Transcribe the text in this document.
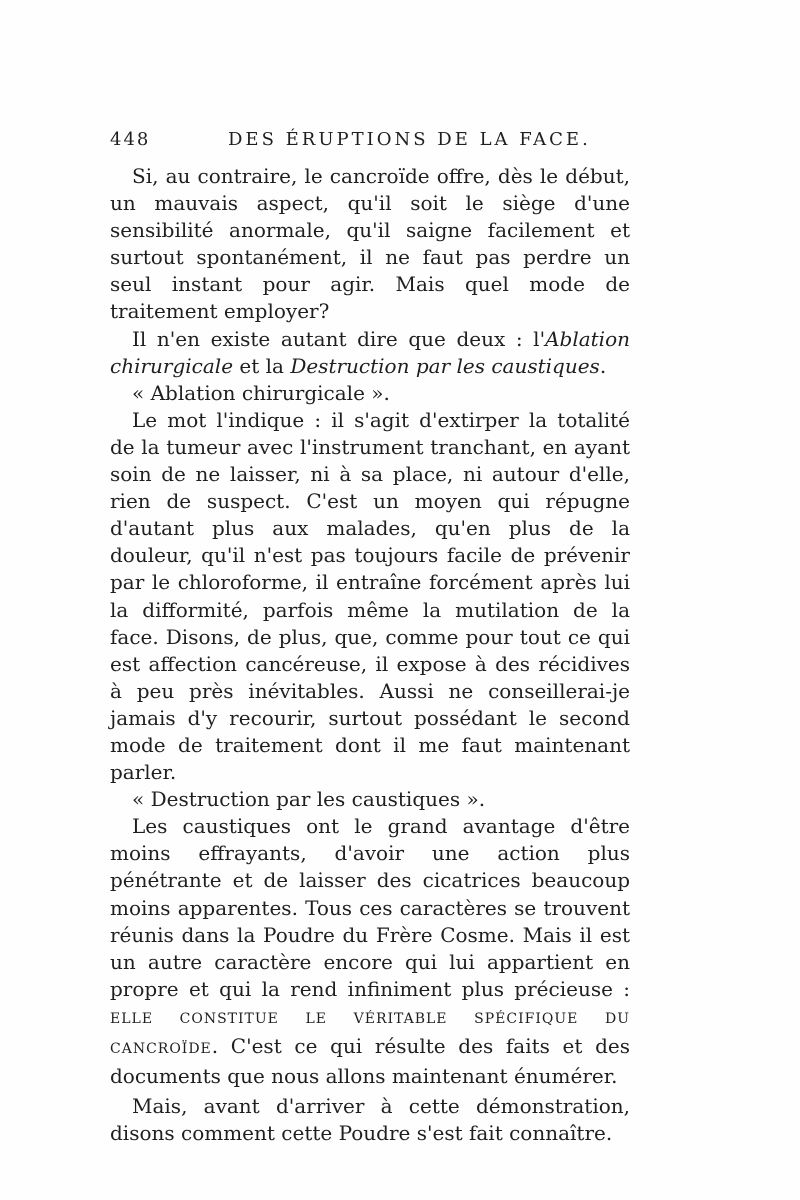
448	DES ÉRUPTIONS DE LA FACE.

Si, au contraire, le cancroïde offre, dès le début, un mauvais aspect, qu'il soit le siège d'une sensibilité anormale, qu'il saigne facilement et surtout spontanément, il ne faut pas perdre un seul instant pour agir. Mais quel mode de traitement employer?

Il n'en existe autant dire que deux : l'Ablation chirurgicale et la Destruction par les caustiques.

« Ablation chirurgicale ».

Le mot l'indique : il s'agit d'extirper la totalité de la tumeur avec l'instrument tranchant, en ayant soin de ne laisser, ni à sa place, ni autour d'elle, rien de suspect. C'est un moyen qui répugne d'autant plus aux malades, qu'en plus de la douleur, qu'il n'est pas toujours facile de prévenir par le chloroforme, il entraîne forcément après lui la difformité, parfois même la mutilation de la face. Disons, de plus, que, comme pour tout ce qui est affection cancéreuse, il expose à des récidives à peu près inévitables. Aussi ne conseillerai-je jamais d'y recourir, surtout possédant le second mode de traitement dont il me faut maintenant parler.

« Destruction par les caustiques ».

Les caustiques ont le grand avantage d'être moins effrayants, d'avoir une action plus pénétrante et de laisser des cicatrices beaucoup moins apparentes. Tous ces caractères se trouvent réunis dans la Poudre du Frère Cosme. Mais il est un autre caractère encore qui lui appartient en propre et qui la rend infiniment plus précieuse : ELLE CONSTITUE LE VÉRITABLE SPÉCIFIQUE DU CANCROÏDE. C'est ce qui résulte des faits et des documents que nous allons maintenant énumérer.

Mais, avant d'arriver à cette démonstration, disons comment cette Poudre s'est fait connaître.
